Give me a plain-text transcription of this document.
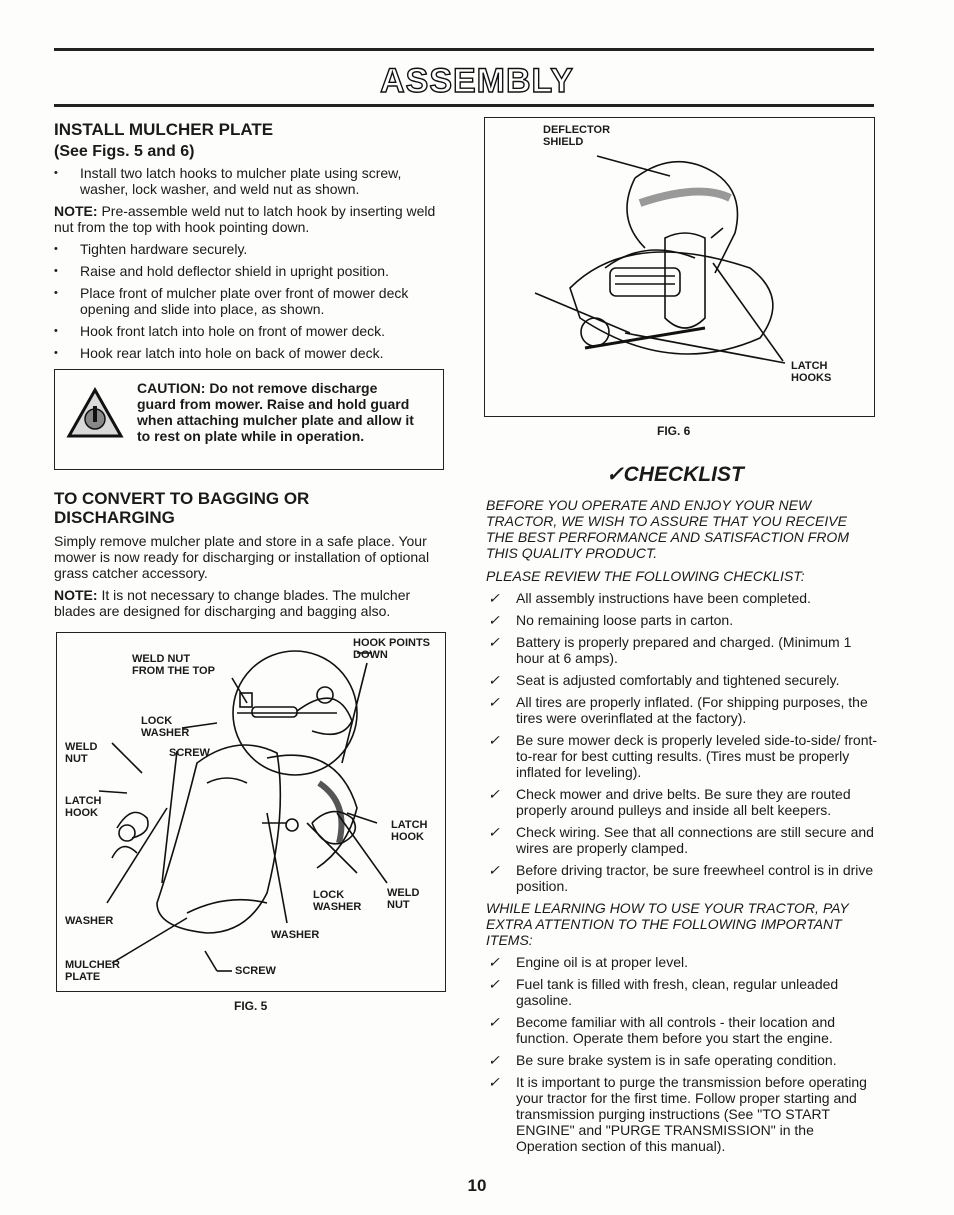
ASSEMBLY
INSTALL MULCHER PLATE
(See Figs. 5 and 6)
• Install two latch hooks to mulcher plate using screw, washer, lock washer, and weld nut as shown.

NOTE: Pre-assemble weld nut to latch hook by inserting weld nut from the top with hook pointing down.

• Tighten hardware securely.
• Raise and hold deflector shield in upright position.
• Place front of mulcher plate over front of mower deck opening and slide into place, as shown.
• Hook front latch into hole on front of mower deck.
• Hook rear latch into hole on back of mower deck.
CAUTION: Do not remove discharge guard from mower. Raise and hold guard when attaching mulcher plate and allow it to rest on plate while in operation.
TO CONVERT TO BAGGING OR DISCHARGING

Simply remove mulcher plate and store in a safe place. Your mower is now ready for discharging or installation of optional grass catcher accessory.

NOTE: It is not necessary to change blades. The mulcher blades are designed for discharging and bagging also.

WELD NUT
FROM THE TOP
HOOK POINTS
DOWN
LOCK
WASHER
WELD
NUT	SCREW
LATCH
HOOK
LATCH
HOOK
LOCK
WASHER
WELD
NUT
WASHER
WASHER
MULCHER
PLATE	SCREW
FIG. 5
DEFLECTOR
SHIELD
LATCH
HOOKS
FIG. 6
✓CHECKLIST

BEFORE YOU OPERATE AND ENJOY YOUR NEW TRACTOR, WE WISH TO ASSURE THAT YOU RECEIVE THE BEST PERFORMANCE AND SATISFACTION FROM THIS QUALITY PRODUCT.

PLEASE REVIEW THE FOLLOWING CHECKLIST:

✓ All assembly instructions have been completed.
✓ No remaining loose parts in carton.
✓ Battery is properly prepared and charged. (Minimum 1 hour at 6 amps).
✓ Seat is adjusted comfortably and tightened securely.
✓ All tires are properly inflated. (For shipping purposes, the tires were overinflated at the factory).
✓ Be sure mower deck is properly leveled side-to-side/ front-to-rear for best cutting results. (Tires must be properly inflated for leveling).
✓ Check mower and drive belts. Be sure they are routed properly around pulleys and inside all belt keepers.
✓ Check wiring. See that all connections are still secure and wires are properly clamped.
✓ Before driving tractor, be sure freewheel control is in drive position.

WHILE LEARNING HOW TO USE YOUR TRACTOR, PAY EXTRA ATTENTION TO THE FOLLOWING IMPORTANT ITEMS:

✓ Engine oil is at proper level.
✓ Fuel tank is filled with fresh, clean, regular unleaded gasoline.
✓ Become familiar with all controls - their location and function. Operate them before you start the engine.
✓ Be sure brake system is in safe operating condition.
✓ It is important to purge the transmission before operating your tractor for the first time. Follow proper starting and transmission purging instructions (See "TO START ENGINE" and "PURGE TRANSMISSION" in the Operation section of this manual).
10
